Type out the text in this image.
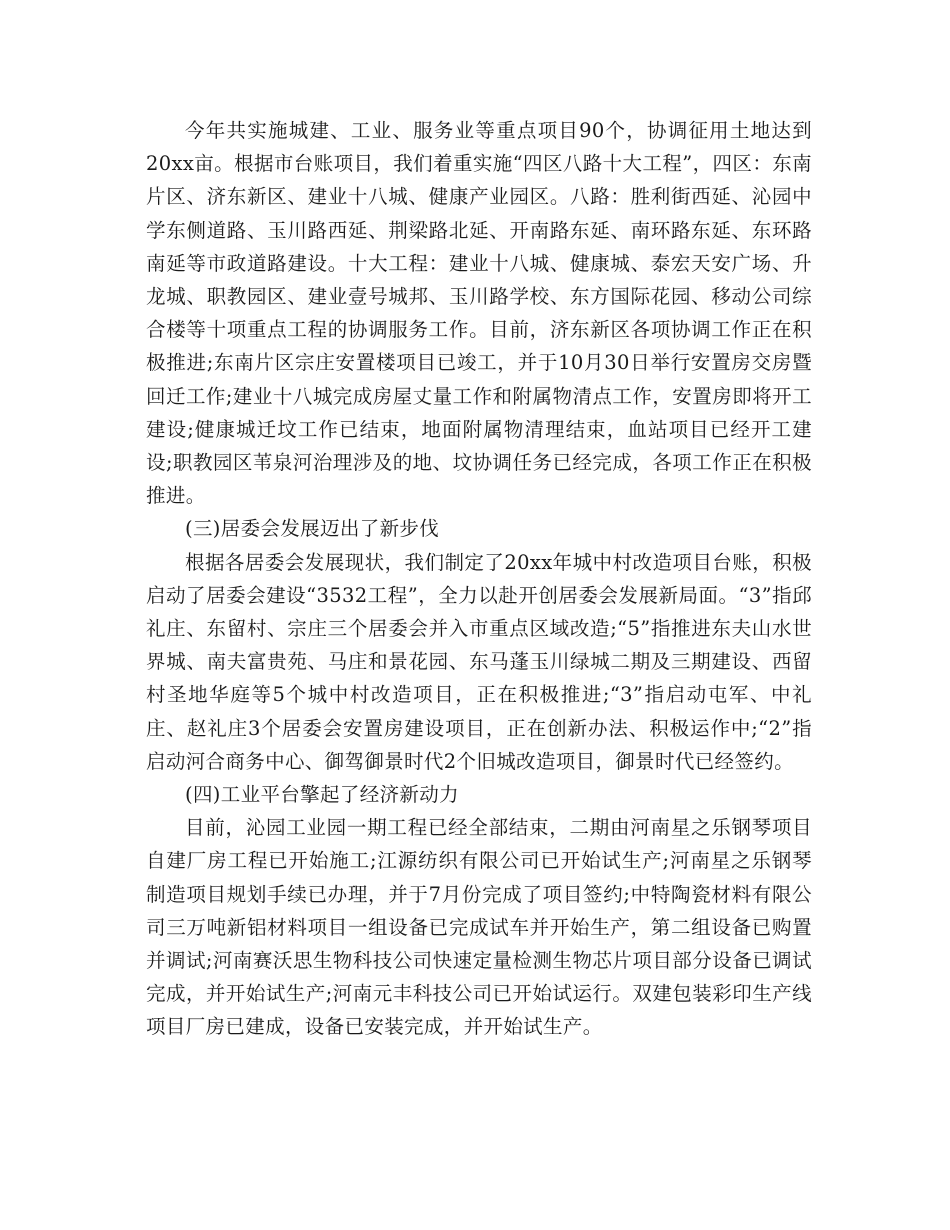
今年共实施城建、工业、服务业等重点项目90个，协调征用土地达到20xx亩。根据市台账项目，我们着重实施“四区八路十大工程”，四区：东南片区、济东新区、建业十八城、健康产业园区。八路：胜利街西延、沁园中学东侧道路、玉川路西延、荆梁路北延、开南路东延、南环路东延、东环路南延等市政道路建设。十大工程：建业十八城、健康城、泰宏天安广场、升龙城、职教园区、建业壹号城邦、玉川路学校、东方国际花园、移动公司综合楼等十项重点工程的协调服务工作。目前，济东新区各项协调工作正在积极推进;东南片区宗庄安置楼项目已竣工，并于10月30日举行安置房交房暨回迁工作;建业十八城完成房屋丈量工作和附属物清点工作，安置房即将开工建设;健康城迁坟工作已结束，地面附属物清理结束，血站项目已经开工建设;职教园区苇泉河治理涉及的地、坟协调任务已经完成，各项工作正在积极推进。

(三)居委会发展迈出了新步伐

根据各居委会发展现状，我们制定了20xx年城中村改造项目台账，积极启动了居委会建设“3532工程”，全力以赴开创居委会发展新局面。“3”指邱礼庄、东留村、宗庄三个居委会并入市重点区域改造;“5”指推进东夫山水世界城、南夫富贵苑、马庄和景花园、东马蓬玉川绿城二期及三期建设、西留村圣地华庭等5个城中村改造项目，正在积极推进;“3”指启动屯军、中礼庄、赵礼庄3个居委会安置房建设项目，正在创新办法、积极运作中;“2”指启动河合商务中心、御驾御景时代2个旧城改造项目，御景时代已经签约。

(四)工业平台擎起了经济新动力

目前，沁园工业园一期工程已经全部结束，二期由河南星之乐钢琴项目自建厂房工程已开始施工;江源纺织有限公司已开始试生产;河南星之乐钢琴制造项目规划手续已办理，并于7月份完成了项目签约;中特陶瓷材料有限公司三万吨新铝材料项目一组设备已完成试车并开始生产，第二组设备已购置并调试;河南赛沃思生物科技公司快速定量检测生物芯片项目部分设备已调试完成，并开始试生产;河南元丰科技公司已开始试运行。双建包装彩印生产线项目厂房已建成，设备已安装完成，并开始试生产。
